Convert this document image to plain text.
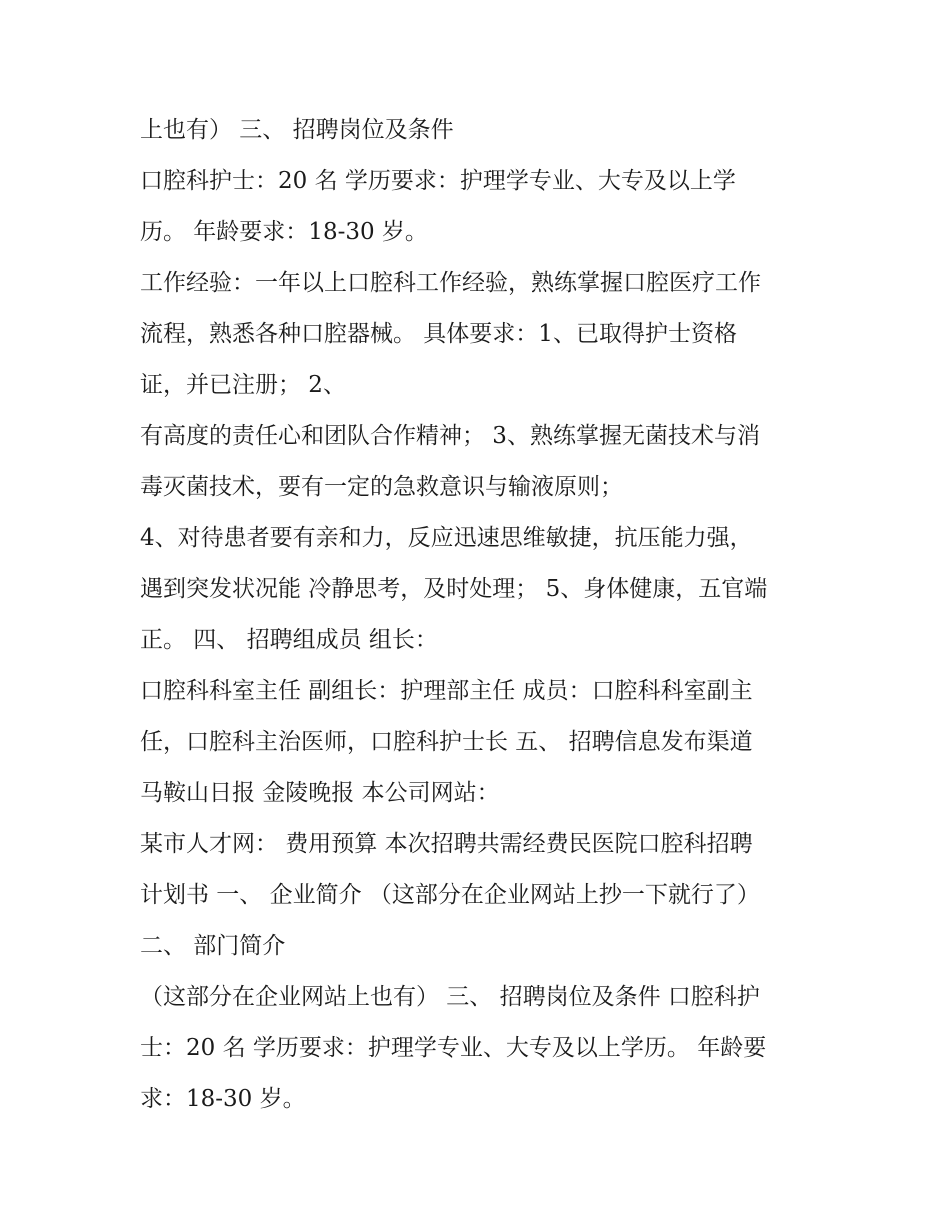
上也有） 三、 招聘岗位及条件
口腔科护士：20 名 学历要求：护理学专业、大专及以上学
历。 年龄要求：18-30 岁。
工作经验：一年以上口腔科工作经验，熟练掌握口腔医疗工作
流程，熟悉各种口腔器械。 具体要求：1、已取得护士资格
证，并已注册； 2、
有高度的责任心和团队合作精神； 3、熟练掌握无菌技术与消
毒灭菌技术，要有一定的急救意识与输液原则；
4、对待患者要有亲和力，反应迅速思维敏捷，抗压能力强，
遇到突发状况能 冷静思考，及时处理； 5、身体健康，五官端
正。 四、 招聘组成员 组长：
口腔科科室主任 副组长：护理部主任 成员：口腔科科室副主
任，口腔科主治医师，口腔科护士长 五、 招聘信息发布渠道
马鞍山日报 金陵晚报 本公司网站：
某市人才网： 费用预算 本次招聘共需经费民医院口腔科招聘
计划书 一、 企业简介 （这部分在企业网站上抄一下就行了）
二、 部门简介
（这部分在企业网站上也有） 三、 招聘岗位及条件 口腔科护
士：20 名 学历要求：护理学专业、大专及以上学历。 年龄要
求：18-30 岁。
